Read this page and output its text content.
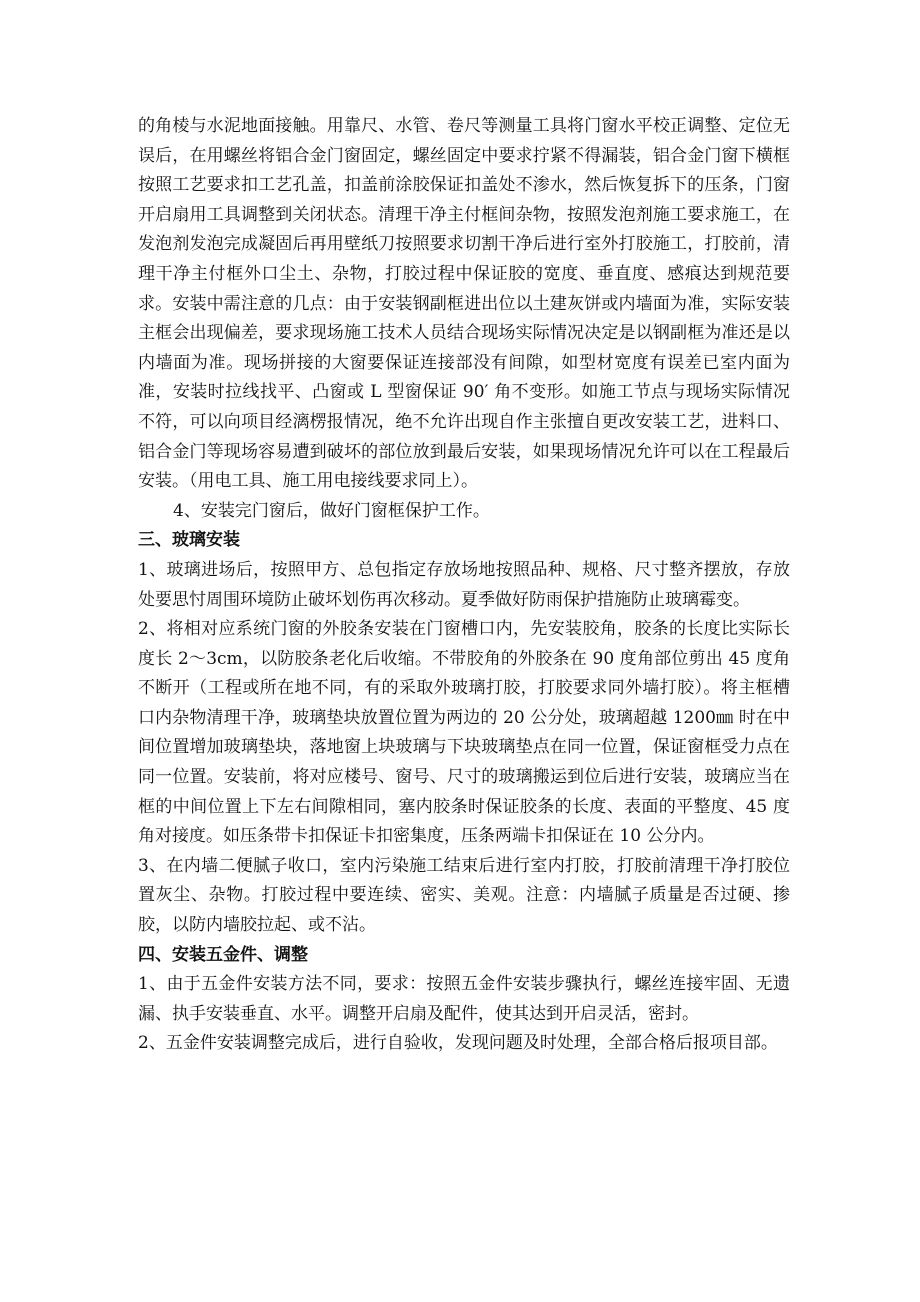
的角棱与水泥地面接触。用靠尺、水管、卷尺等测量工具将门窗水平校正调整、定位无误后，在用螺丝将铝合金门窗固定，螺丝固定中要求拧紧不得漏装，铝合金门窗下横框按照工艺要求扣工艺孔盖，扣盖前涂胶保证扣盖处不渗水，然后恢复拆下的压条，门窗开启扇用工具调整到关闭状态。清理干净主付框间杂物，按照发泡剂施工要求施工，在发泡剂发泡完成凝固后再用壁纸刀按照要求切割干净后进行室外打胶施工，打胶前，清理干净主付框外口尘土、杂物，打胶过程中保证胶的宽度、垂直度、感痕达到规范要求。安装中需注意的几点：由于安装钢副框进出位以土建灰饼或内墙面为准，实际安装主框会出现偏差，要求现场施工技术人员结合现场实际情况决定是以钢副框为准还是以内墙面为准。现场拼接的大窗要保证连接部没有间隙，如型材宽度有误差已室内面为准，安装时拉线找平、凸窗或 L 型窗保证 90′ 角不变形。如施工节点与现场实际情况不符，可以向项目经漓楞报情况，绝不允许出现自作主张擅自更改安装工艺，进料口、铝合金门等现场容易遭到破坏的部位放到最后安装，如果现场情况允许可以在工程最后安装。（用电工具、施工用电接线要求同上）。

4、安装完门窗后，做好门窗框保护工作。

三、玻璃安装

1、玻璃进场后，按照甲方、总包指定存放场地按照品种、规格、尺寸整齐摆放，存放处要思忖周围环境防止破坏划伤再次移动。夏季做好防雨保护措施防止玻璃霉变。

2、将相对应系统门窗的外胶条安装在门窗槽口内，先安装胶角，胶条的长度比实际长度长 2～3cm，以防胶条老化后收缩。不带胶角的外胶条在 90 度角部位剪出 45 度角不断开（工程或所在地不同，有的采取外玻璃打胶，打胶要求同外墙打胶）。将主框槽口内杂物清理干净，玻璃垫块放置位置为两边的 20 公分处，玻璃超越 1200㎜ 时在中间位置增加玻璃垫块，落地窗上块玻璃与下块玻璃垫点在同一位置，保证窗框受力点在同一位置。安装前，将对应楼号、窗号、尺寸的玻璃搬运到位后进行安装，玻璃应当在框的中间位置上下左右间隙相同，塞内胶条时保证胶条的长度、表面的平整度、45 度角对接度。如压条带卡扣保证卡扣密集度，压条两端卡扣保证在 10 公分内。

3、在内墙二便腻子收口，室内污染施工结束后进行室内打胶，打胶前清理干净打胶位置灰尘、杂物。打胶过程中要连续、密实、美观。注意：内墙腻子质量是否过硬、掺胶，以防内墙胶拉起、或不沾。

四、安装五金件、调整

1、由于五金件安装方法不同，要求：按照五金件安装步骤执行，螺丝连接牢固、无遗漏、执手安装垂直、水平。调整开启扇及配件，使其达到开启灵活，密封。

2、五金件安装调整完成后，进行自验收，发现问题及时处理，全部合格后报项目部。
